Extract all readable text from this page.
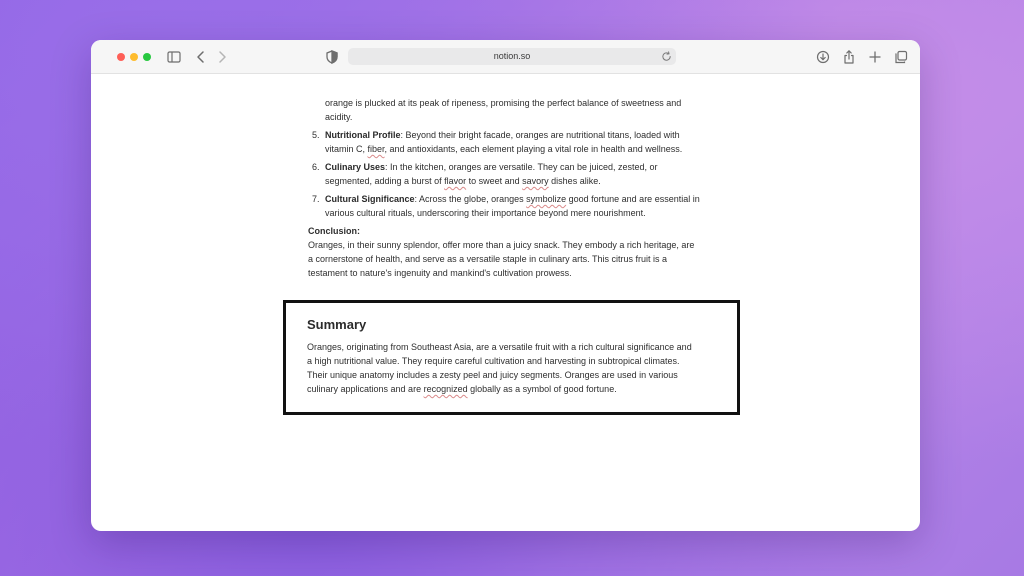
notion.so

orange is plucked at its peak of ripeness, promising the perfect balance of sweetness and

acidity.

5. Nutritional Profile: Beyond their bright facade, oranges are nutritional titans, loaded with
vitamin C, fiber, and antioxidants, each element playing a vital role in health and wellness.
6. Culinary Uses: In the kitchen, oranges are versatile. They can be juiced, zested, or
segmented, adding a burst of flavor to sweet and savory dishes alike.
7. Cultural Significance: Across the globe, oranges symbolize good fortune and are essential in
various cultural rituals, underscoring their importance beyond mere nourishment.

Conclusion:

Oranges, in their sunny splendor, offer more than a juicy snack. They embody a rich heritage, are

a cornerstone of health, and serve as a versatile staple in culinary arts. This citrus fruit is a

testament to nature's ingenuity and mankind's cultivation prowess.

Summary
Oranges, originating from Southeast Asia, are a versatile fruit with a rich cultural significance and
a high nutritional value. They require careful cultivation and harvesting in subtropical climates.
Their unique anatomy includes a zesty peel and juicy segments. Oranges are used in various
culinary applications and are recognized globally as a symbol of good fortune.
